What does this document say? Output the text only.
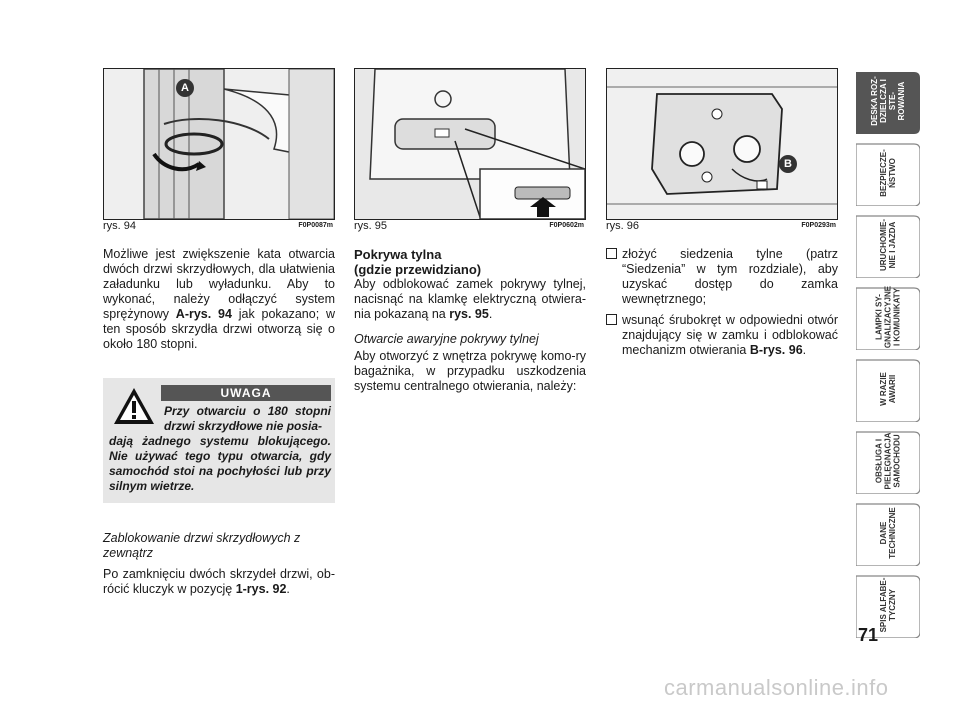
A
rys. 94	F0P0087m rys. 95	F0P0602m
B
rys. 96	F0P0293m

Możliwe jest zwiększenie kata otwarcia dwóch drzwi skrzydłowych, dla ułatwienia załadunku lub wyładunku. Aby to wykonać, należy odłączyć system sprężynowy A-rys. 94 jak pokazano; w ten sposób skrzydła drzwi otworzą się o około 180 stopni.

UWAGA
Przy otwarciu o 180 stopni drzwi skrzydłowe nie posia-
dają żadnego systemu blokującego. Nie używać tego typu otwarcia, gdy samochód stoi na pochyłości lub przy silnym wietrze.

Zablokowanie drzwi skrzydłowych z zewnątrz

Po zamknięciu dwóch skrzydeł drzwi, ob-rócić kluczyk w pozycję 1-rys. 92.

Pokrywa tylna
(gdzie przewidziano)

Aby odblokować zamek pokrywy tylnej, nacisnąć na klamkę elektryczną otwiera-nia pokazaną na rys. 95.

Otwarcie awaryjne pokrywy tylnej

Aby otworzyć z wnętrza pokrywę komo-ry bagażnika, w przypadku uszkodzenia systemu centralnego otwierania, należy:

złożyć siedzenia tylne (patrz “Siedzenia” w tym rozdziale), aby uzyskać dostęp do zamka wewnętrznego;
wsunąć śrubokręt w odpowiedni otwór znajdujący się w zamku i odblokować mechanizm otwierania B-rys. 96.
DESKA ROZ-
DZIELCZA I STE-
ROWANIA
BEZPIECZE-
ŃSTWO
URUCHOMIE-
NIE I JAZDA
LAMPKI SY-
GNALIZACYJNE
I KOMUNIKATY
W RAZIE
AWARII
OBSŁUGA I
PIELĘGNACJA
SAMOCHODU
DANE
TECHNICZNE
SPIS ALFABE-
TYCZNY
71
carmanualsonline.info
